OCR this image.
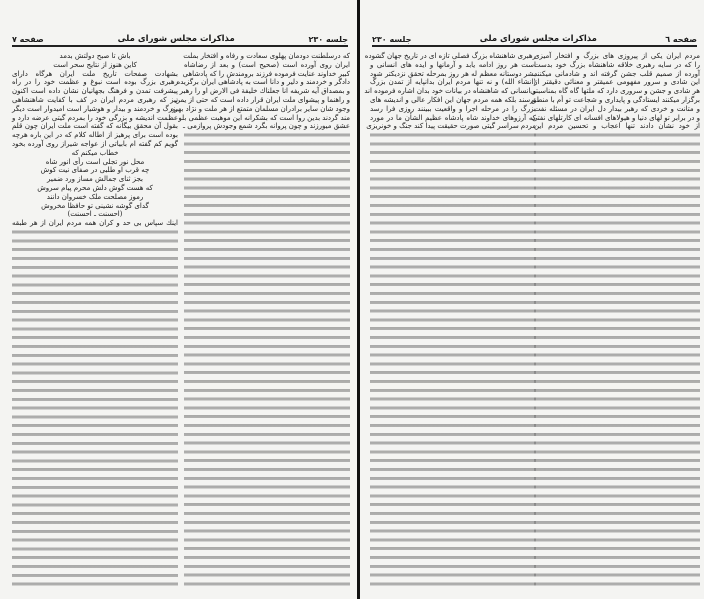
صفحه ۷	مذاکرات مجلس شورای ملی	جلسه ۲۳۰
که درسلطنت دودمان پهلوی سعادت و رفاه و افتخار بملت
ایران روی آورده است (صحیح است) و بعد از رضاشاه
کبیر خداوند عنایت فرموده فرزند برومندش را که پادشاهی
دادگر و خردمند و دلیر و دانا است به پادشاهی ایران برگزیده
و بمصداق آیه شریفه انا جعلناك خلیفة فی الارض او را رهبر
و راهنما و پیشوای ملت ایران قرار داده است که حتی از یمن
وجود شان سایر برادران مسلمان متمتع از هر ملت و نژاد بهره
مند گردند بدین روا است که بشکرانه این موهبت عظمی بلو
عشق میورزند و چون پروانه بگرد شمع وجودش پروازمی ـ
باش تا صبح دولتش بدمد
کاین هنوز از نتایج سحر است
بشهادت صفحات تاریخ ملت ایران هرگاه دارای
رهبری بزرگ بوده است نبوغ و عظمت خود را در راه
پیشرفت تمدن و فرهنگ بجهانیان نشان داده است اکنون
نیز که رهبری مردم ایران در کف با کفایت شاهنشاهی
بزرگ و خردمند و بیدار و هوشیار است امیدوار است دیگر
عظمت اندیشه و بزرگی خود را بمردم گیتی عرضه دارد و
بقول آن محقق بیگانه که گفته است ملت ایران چون قلم
بوده است برای پرهیز از اطاله کلام که در این باره هرچه
گویم کم گفته ام بابیاتی از عواجه شیراز روی آورده بخود
خطاب میکنم که
محل نور تجلی است رأی انور شاه
چه قرب او طلبی در صفای نیت کوش
بجز ثنای جمالش مساز ورد ضمیر
که هست گوش دلش محرم پیام سروش
رموز مصلحت ملک خسروان دانند
گدای گوشه نشینی تو حافظا مخروش
(احسنت ـ احسنت)
اینك سپاس بی حد و کران همه مردم ایران از هر طبقه
جلسه ۲۳۰	مذاکرات مجلس شورای ملی	صفحه ٦
مردم ایران یکی از پیروزی های بزرگ و افتخار آمیزی
را که در سایه رهبری خلاقه شاهنشاه بزرگ خود بدست
آورده از صمیم قلب جشن گرفته اند و شادمانی میکنند
این شادی و سرور مفهومی عمیقتر و معنائی دقیقتر از
هر شادی و جشن و سروری دارد که ملتها گاه گاه بمناسبتی
برگزار میکنند ایستادگی و پایداری و شجاعت تو أم با منطق
و متانت و خردی که رهبر بیدار دل ایران در مسئله نفت
و در برابر تو لهای دنیا و هیولاهای افسانه ای کارتلهای نفتی
از خود نشان دادند تنها اعجاب و تحسین مردم این
رهبری شاهنشاه بزرگ فصلی تازه ای در تاریخ جهان گشوده
است هر روز ادامه یابد و آرمانها و ایده های انسانی و
بشر دوستانه معظم له هر روز بمرحله تحقق نزدیکتر شود
(انشاء الله) و نه تنها مردم ایران بدانپایه از تمدن بزرگ
و انسانی که شاهنشاه در بیانات خود بدان اشاره فرموده اند
برسند بلکه همه مردم جهان این افکار عالی و اندیشه های
بزرگ را در مرحله اجرا و واقعیت ببینند روزی فرا رسد
که آرزوهای خداوند شاه پادشاه عظیم الشأن ما در مورد
مردم سراسر گیتی صورت حقیقت پیدا کند جنگ و خونریزی
